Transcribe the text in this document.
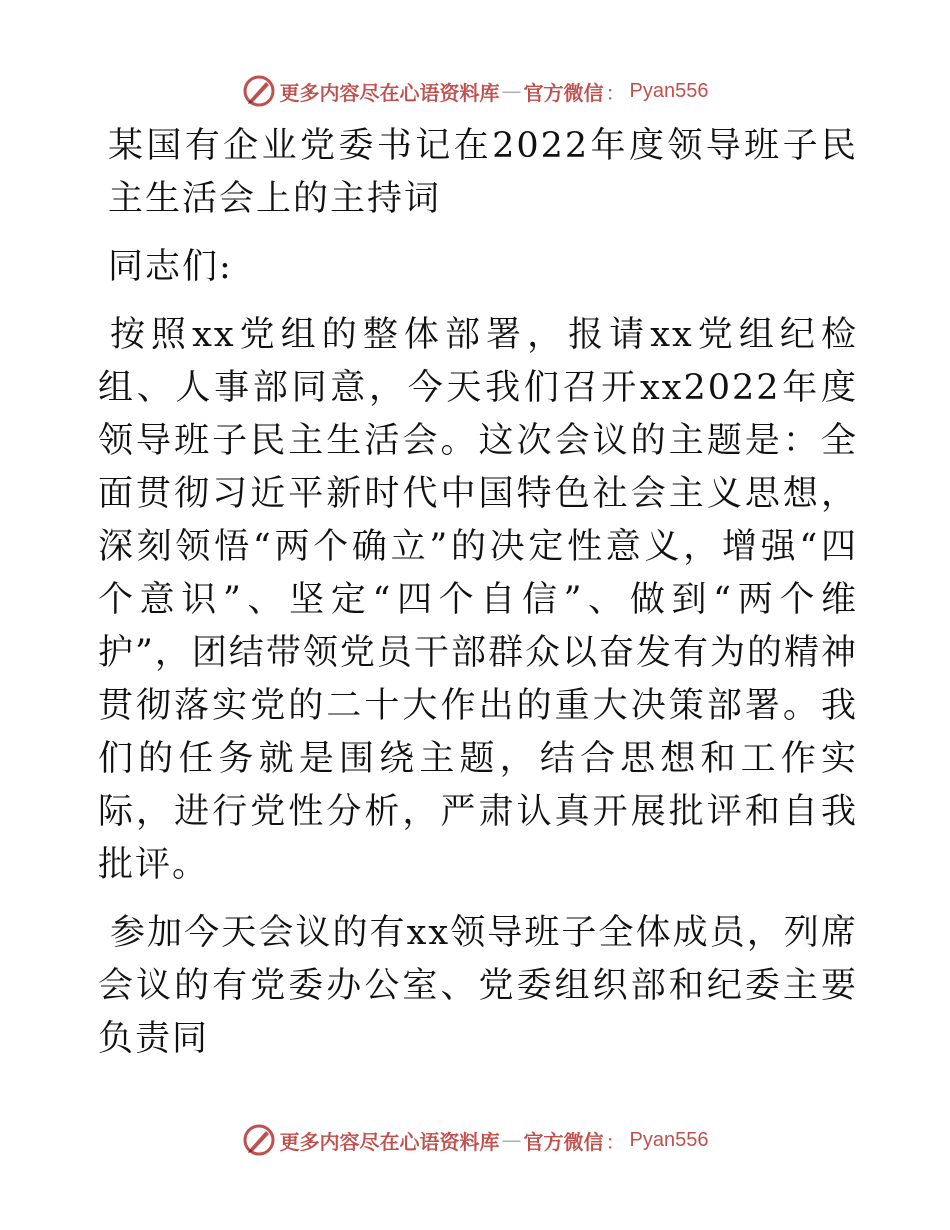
更多内容尽在心语资料库 — 官方微信 ： Pyan556

某国有企业党委书记在2022年度领导班子民主生活会上的主持词

同志们:

按照xx党组的整体部署，报请xx党组纪检组、人事部同意，今天我们召开xx2022年度领导班子民主生活会。这次会议的主题是：全面贯彻习近平新时代中国特色社会主义思想，深刻领悟“两个确立”的决定性意义，增强“四个意识”、坚定“四个自信”、做到“两个维护”，团结带领党员干部群众以奋发有为的精神贯彻落实党的二十大作出的重大决策部署。我们的任务就是围绕主题，结合思想和工作实际，进行党性分析，严肃认真开展批评和自我批评。

参加今天会议的有xx领导班子全体成员，列席会议的有党委办公室、党委组织部和纪委主要负责同

更多内容尽在心语资料库 — 官方微信 ： Pyan556
